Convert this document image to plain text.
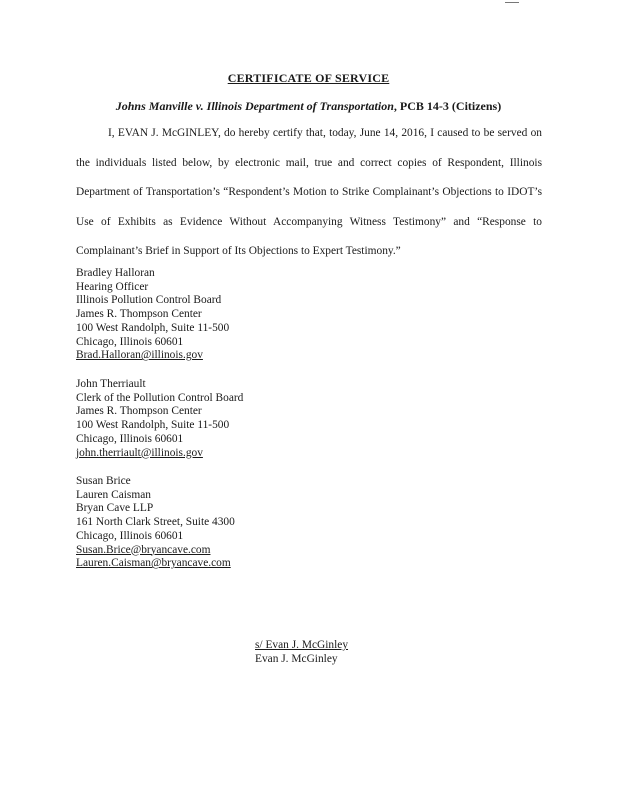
CERTIFICATE OF SERVICE
Johns Manville v. Illinois Department of Transportation, PCB 14-3 (Citizens)
I, EVAN J. McGINLEY, do hereby certify that, today, June 14, 2016, I caused to be served on the individuals listed below, by electronic mail, true and correct copies of Respondent, Illinois Department of Transportation’s “Respondent’s Motion to Strike Complainant’s Objections to IDOT’s Use of Exhibits as Evidence Without Accompanying Witness Testimony” and “Response to Complainant’s Brief in Support of Its Objections to Expert Testimony.”
Bradley Halloran
Hearing Officer
Illinois Pollution Control Board
James R. Thompson Center
100 West Randolph, Suite 11-500
Chicago, Illinois 60601
Brad.Halloran@illinois.gov
John Therriault
Clerk of the Pollution Control Board
James R. Thompson Center
100 West Randolph, Suite 11-500
Chicago, Illinois 60601
john.therriault@illinois.gov
Susan Brice
Lauren Caisman
Bryan Cave LLP
161 North Clark Street, Suite 4300
Chicago, Illinois 60601
Susan.Brice@bryancave.com
Lauren.Caisman@bryancave.com
s/ Evan J. McGinley
Evan J. McGinley
